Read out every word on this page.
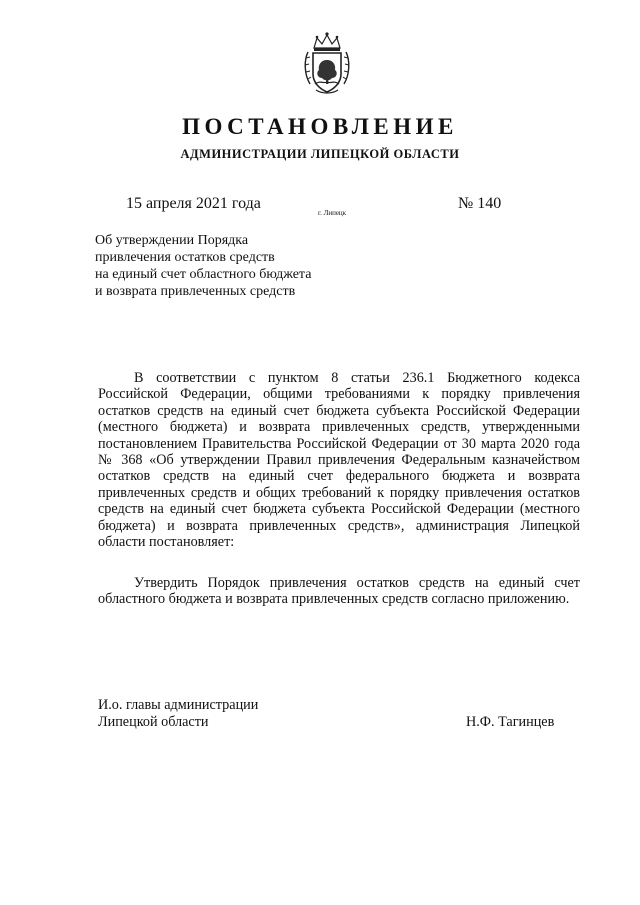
ПОСТАНОВЛЕНИЕ
АДМИНИСТРАЦИИ ЛИПЕЦКОЙ ОБЛАСТИ
15 апреля 2021 года	№ 140
г. Липецк
Об утверждении Порядка
привлечения остатков средств
на единый счет областного бюджета
и возврата привлеченных средств

В соответствии с пунктом 8 статьи 236.1 Бюджетного кодекса Российской Федерации, общими требованиями к порядку привлечения остатков средств на единый счет бюджета субъекта Российской Федерации (местного бюджета) и возврата привлеченных средств, утвержденными постановлением Правительства Российской Федерации от 30 марта 2020 года № 368 «Об утверждении Правил привлечения Федеральным казначейством остатков средств на единый счет федерального бюджета и возврата привлеченных средств и общих требований к порядку привлечения остатков средств на единый счет бюджета субъекта Российской Федерации (местного бюджета) и возврата привлеченных средств», администрация Липецкой области постановляет:

Утвердить Порядок привлечения остатков средств на единый счет областного бюджета и возврата привлеченных средств согласно приложению.

И.о. главы администрации
Липецкой области	Н.Ф. Тагинцев
